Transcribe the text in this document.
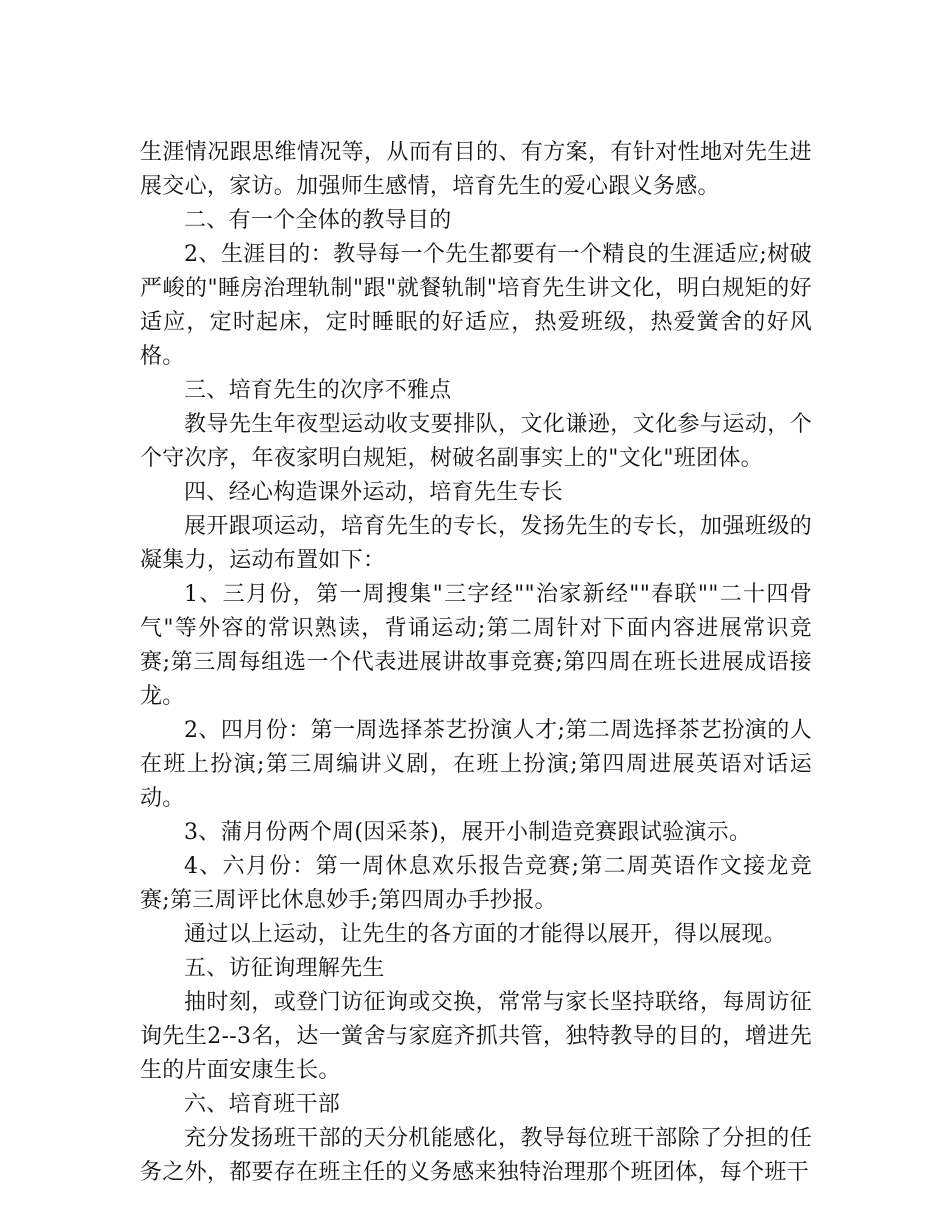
生涯情况跟思维情况等，从而有目的、有方案，有针对性地对先生进展交心，家访。加强师生感情，培育先生的爱心跟义务感。

二、有一个全体的教导目的

2、生涯目的：教导每一个先生都要有一个精良的生涯适应;树破严峻的"睡房治理轨制"跟"就餐轨制"培育先生讲文化，明白规矩的好适应，定时起床，定时睡眠的好适应，热爱班级，热爱黉舍的好风格。

三、培育先生的次序不雅点

教导先生年夜型运动收支要排队，文化谦逊，文化参与运动，个个守次序，年夜家明白规矩，树破名副事实上的"文化"班团体。

四、经心构造课外运动，培育先生专长

展开跟项运动，培育先生的专长，发扬先生的专长，加强班级的凝集力，运动布置如下：

1、三月份，第一周搜集"三字经""治家新经""春联""二十四骨气"等外容的常识熟读，背诵运动;第二周针对下面内容进展常识竞赛;第三周每组选一个代表进展讲故事竞赛;第四周在班长进展成语接龙。

2、四月份：第一周选择茶艺扮演人才;第二周选择茶艺扮演的人在班上扮演;第三周编讲义剧，在班上扮演;第四周进展英语对话运动。

3、蒲月份两个周(因采茶)，展开小制造竞赛跟试验演示。

4、六月份：第一周休息欢乐报告竞赛;第二周英语作文接龙竞赛;第三周评比休息妙手;第四周办手抄报。

通过以上运动，让先生的各方面的才能得以展开，得以展现。

五、访征询理解先生

抽时刻，或登门访征询或交换，常常与家长坚持联络，每周访征询先生2--3名，达一黉舍与家庭齐抓共管，独特教导的目的，增进先生的片面安康生长。

六、培育班干部

充分发扬班干部的天分机能感化，教导每位班干部除了分担的任务之外，都要存在班主任的义务感来独特治理那个班团体，每个班干
